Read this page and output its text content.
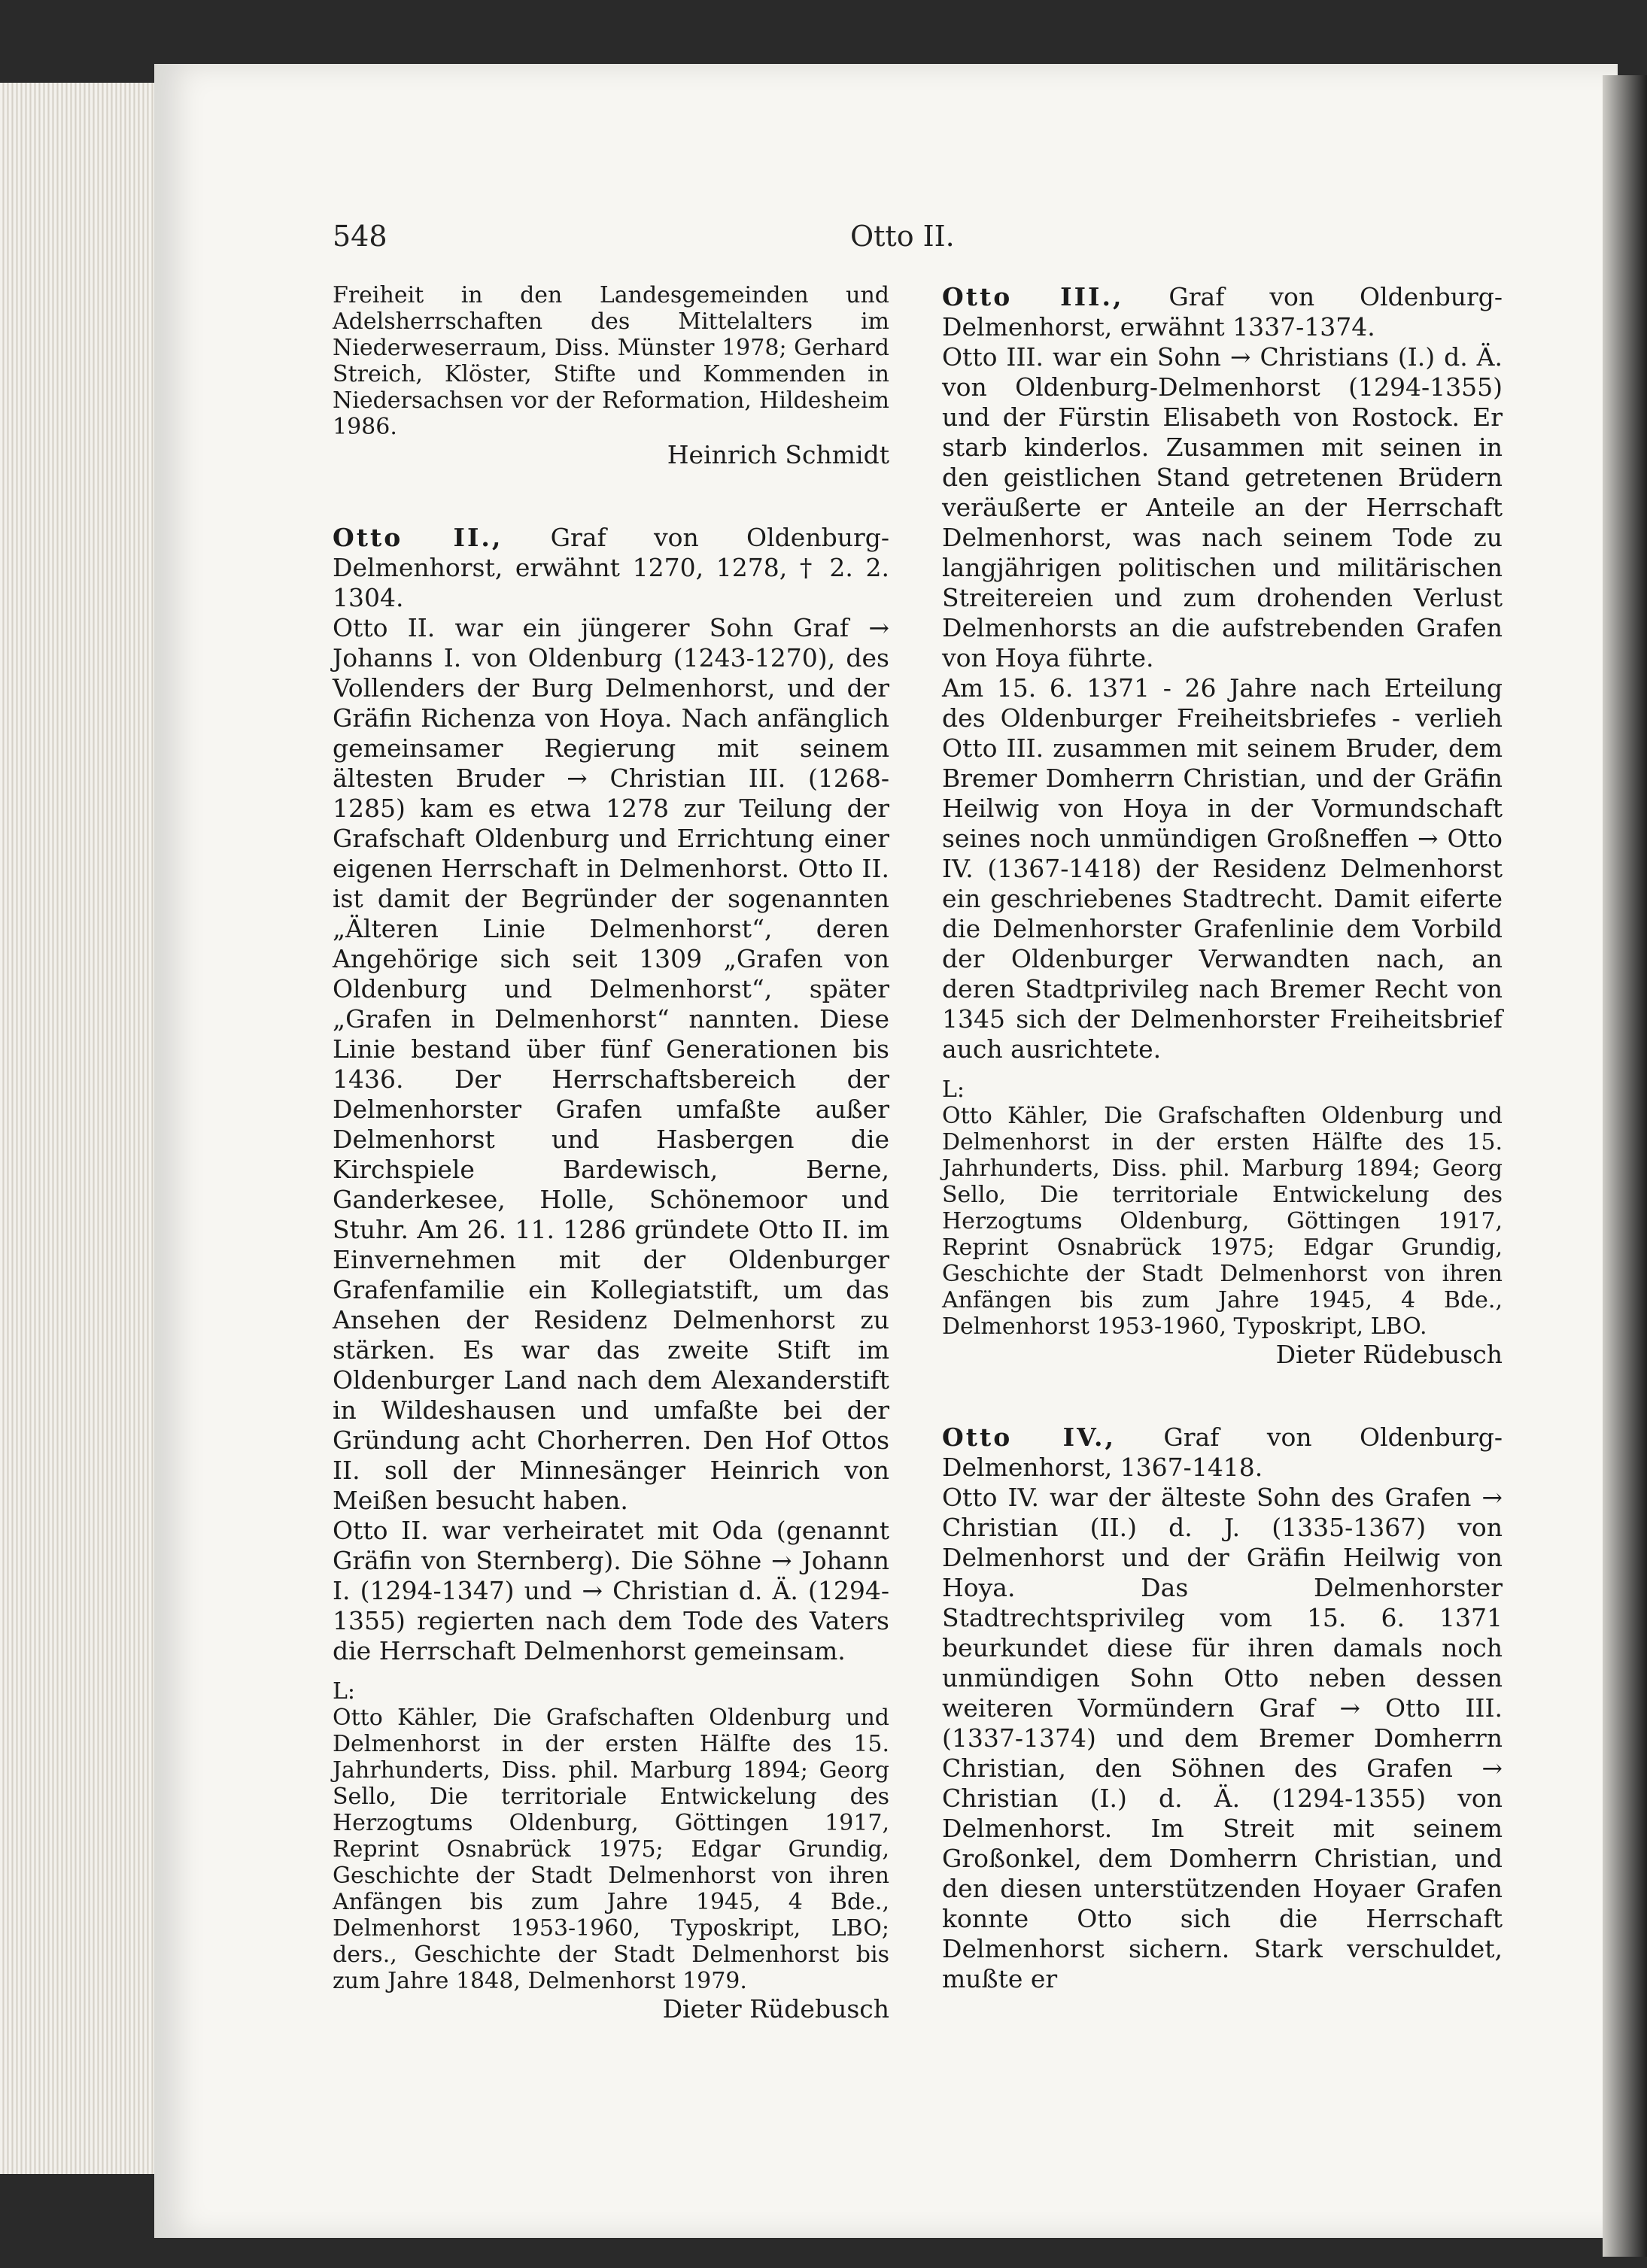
548	Otto II.

Freiheit in den Landesgemeinden und Adelsherrschaften des Mittelalters im Niederweserraum, Diss. Münster 1978; Gerhard Streich, Klöster, Stifte und Kommenden in Niedersachsen vor der Reformation, Hildesheim 1986.

Heinrich Schmidt

Otto II., Graf von Oldenburg-Delmenhorst, erwähnt 1270, 1278, † 2. 2. 1304.

Otto II. war ein jüngerer Sohn Graf → Johanns I. von Oldenburg (1243-1270), des Vollenders der Burg Delmenhorst, und der Gräfin Richenza von Hoya. Nach anfänglich gemeinsamer Regierung mit seinem ältesten Bruder → Christian III. (1268-1285) kam es etwa 1278 zur Teilung der Grafschaft Oldenburg und Errichtung einer eigenen Herrschaft in Delmenhorst. Otto II. ist damit der Begründer der sogenannten „Älteren Linie Delmenhorst“, deren Angehörige sich seit 1309 „Grafen von Oldenburg und Delmenhorst“, später „Grafen in Delmenhorst“ nannten. Diese Linie bestand über fünf Generationen bis 1436. Der Herrschaftsbereich der Delmenhorster Grafen umfaßte außer Delmenhorst und Hasbergen die Kirchspiele Bardewisch, Berne, Ganderkesee, Holle, Schönemoor und Stuhr. Am 26. 11. 1286 gründete Otto II. im Einvernehmen mit der Oldenburger Grafenfamilie ein Kollegiatstift, um das Ansehen der Residenz Delmenhorst zu stärken. Es war das zweite Stift im Oldenburger Land nach dem Alexanderstift in Wildeshausen und umfaßte bei der Gründung acht Chorherren. Den Hof Ottos II. soll der Minnesänger Heinrich von Meißen besucht haben.

Otto II. war verheiratet mit Oda (genannt Gräfin von Sternberg). Die Söhne → Johann I. (1294-1347) und → Christian d. Ä. (1294-1355) regierten nach dem Tode des Vaters die Herrschaft Delmenhorst gemeinsam.

L:

Otto Kähler, Die Grafschaften Oldenburg und Delmenhorst in der ersten Hälfte des 15. Jahrhunderts, Diss. phil. Marburg 1894; Georg Sello, Die territoriale Entwickelung des Herzogtums Oldenburg, Göttingen 1917, Reprint Osnabrück 1975; Edgar Grundig, Geschichte der Stadt Delmenhorst von ihren Anfängen bis zum Jahre 1945, 4 Bde., Delmenhorst 1953-1960, Typoskript, LBO; ders., Geschichte der Stadt Delmenhorst bis zum Jahre 1848, Delmenhorst 1979.

Dieter Rüdebusch

Otto III., Graf von Oldenburg-Delmenhorst, erwähnt 1337-1374.

Otto III. war ein Sohn → Christians (I.) d. Ä. von Oldenburg-Delmenhorst (1294-1355) und der Fürstin Elisabeth von Rostock. Er starb kinderlos. Zusammen mit seinen in den geistlichen Stand getretenen Brüdern veräußerte er Anteile an der Herrschaft Delmenhorst, was nach seinem Tode zu langjährigen politischen und militärischen Streitereien und zum drohenden Verlust Delmenhorsts an die aufstrebenden Grafen von Hoya führte.

Am 15. 6. 1371 - 26 Jahre nach Erteilung des Oldenburger Freiheitsbriefes - verlieh Otto III. zusammen mit seinem Bruder, dem Bremer Domherrn Christian, und der Gräfin Heilwig von Hoya in der Vormundschaft seines noch unmündigen Großneffen → Otto IV. (1367-1418) der Residenz Delmenhorst ein geschriebenes Stadtrecht. Damit eiferte die Delmenhorster Grafenlinie dem Vorbild der Oldenburger Verwandten nach, an deren Stadtprivileg nach Bremer Recht von 1345 sich der Delmenhorster Freiheitsbrief auch ausrichtete.

L:

Otto Kähler, Die Grafschaften Oldenburg und Delmenhorst in der ersten Hälfte des 15. Jahrhunderts, Diss. phil. Marburg 1894; Georg Sello, Die territoriale Entwickelung des Herzogtums Oldenburg, Göttingen 1917, Reprint Osnabrück 1975; Edgar Grundig, Geschichte der Stadt Delmenhorst von ihren Anfängen bis zum Jahre 1945, 4 Bde., Delmenhorst 1953-1960, Typoskript, LBO.

Dieter Rüdebusch

Otto IV., Graf von Oldenburg-Delmenhorst, 1367-1418.

Otto IV. war der älteste Sohn des Grafen → Christian (II.) d. J. (1335-1367) von Delmenhorst und der Gräfin Heilwig von Hoya. Das Delmenhorster Stadtrechtsprivileg vom 15. 6. 1371 beurkundet diese für ihren damals noch unmündigen Sohn Otto neben dessen weiteren Vormündern Graf → Otto III. (1337-1374) und dem Bremer Domherrn Christian, den Söhnen des Grafen → Christian (I.) d. Ä. (1294-1355) von Delmenhorst. Im Streit mit seinem Großonkel, dem Domherrn Christian, und den diesen unterstützenden Hoyaer Grafen konnte Otto sich die Herrschaft Delmenhorst sichern. Stark verschuldet, mußte er
